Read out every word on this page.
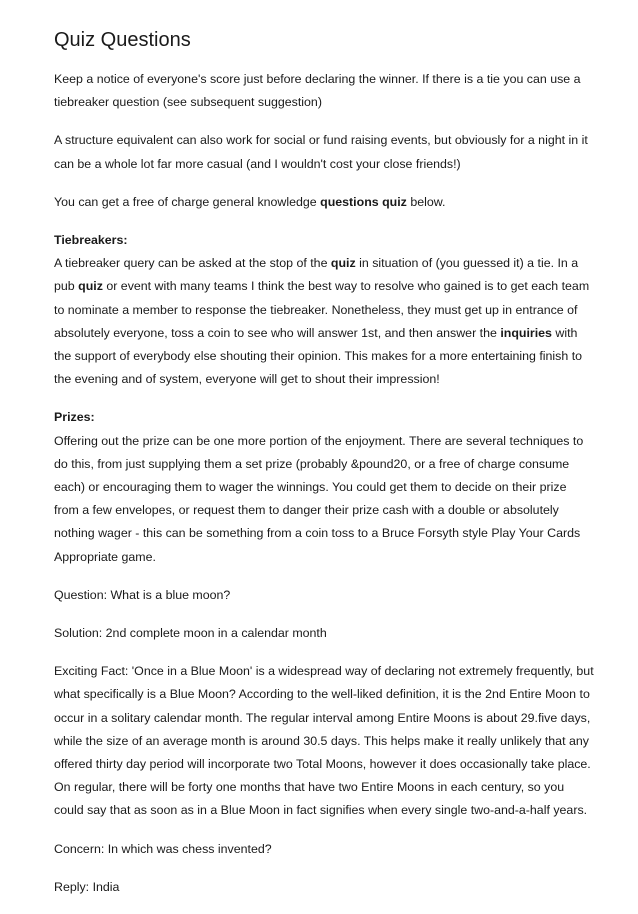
Quiz Questions

Keep a notice of everyone's score just before declaring the winner. If there is a tie you can use a tiebreaker question (see subsequent suggestion)

A structure equivalent can also work for social or fund raising events, but obviously for a night in it can be a whole lot far more casual (and I wouldn't cost your close friends!)

You can get a free of charge general knowledge questions quiz below.

Tiebreakers:
A tiebreaker query can be asked at the stop of the quiz in situation of (you guessed it) a tie. In a pub quiz or event with many teams I think the best way to resolve who gained is to get each team to nominate a member to response the tiebreaker. Nonetheless, they must get up in entrance of absolutely everyone, toss a coin to see who will answer 1st, and then answer the inquiries with the support of everybody else shouting their opinion. This makes for a more entertaining finish to the evening and of system, everyone will get to shout their impression!

Prizes:
Offering out the prize can be one more portion of the enjoyment. There are several techniques to do this, from just supplying them a set prize (probably &pound20, or a free of charge consume each) or encouraging them to wager the winnings. You could get them to decide on their prize from a few envelopes, or request them to danger their prize cash with a double or absolutely nothing wager - this can be something from a coin toss to a Bruce Forsyth style Play Your Cards Appropriate game.

Question: What is a blue moon?

Solution: 2nd complete moon in a calendar month

Exciting Fact: 'Once in a Blue Moon' is a widespread way of declaring not extremely frequently, but what specifically is a Blue Moon? According to the well-liked definition, it is the 2nd Entire Moon to occur in a solitary calendar month. The regular interval among Entire Moons is about 29.five days, while the size of an average month is around 30.5 days. This helps make it really unlikely that any offered thirty day period will incorporate two Total Moons, however it does occasionally take place. On regular, there will be forty one months that have two Entire Moons in each century, so you could say that as soon as in a Blue Moon in fact signifies when every single two-and-a-half years.

Concern: In which was chess invented?

Reply: India
